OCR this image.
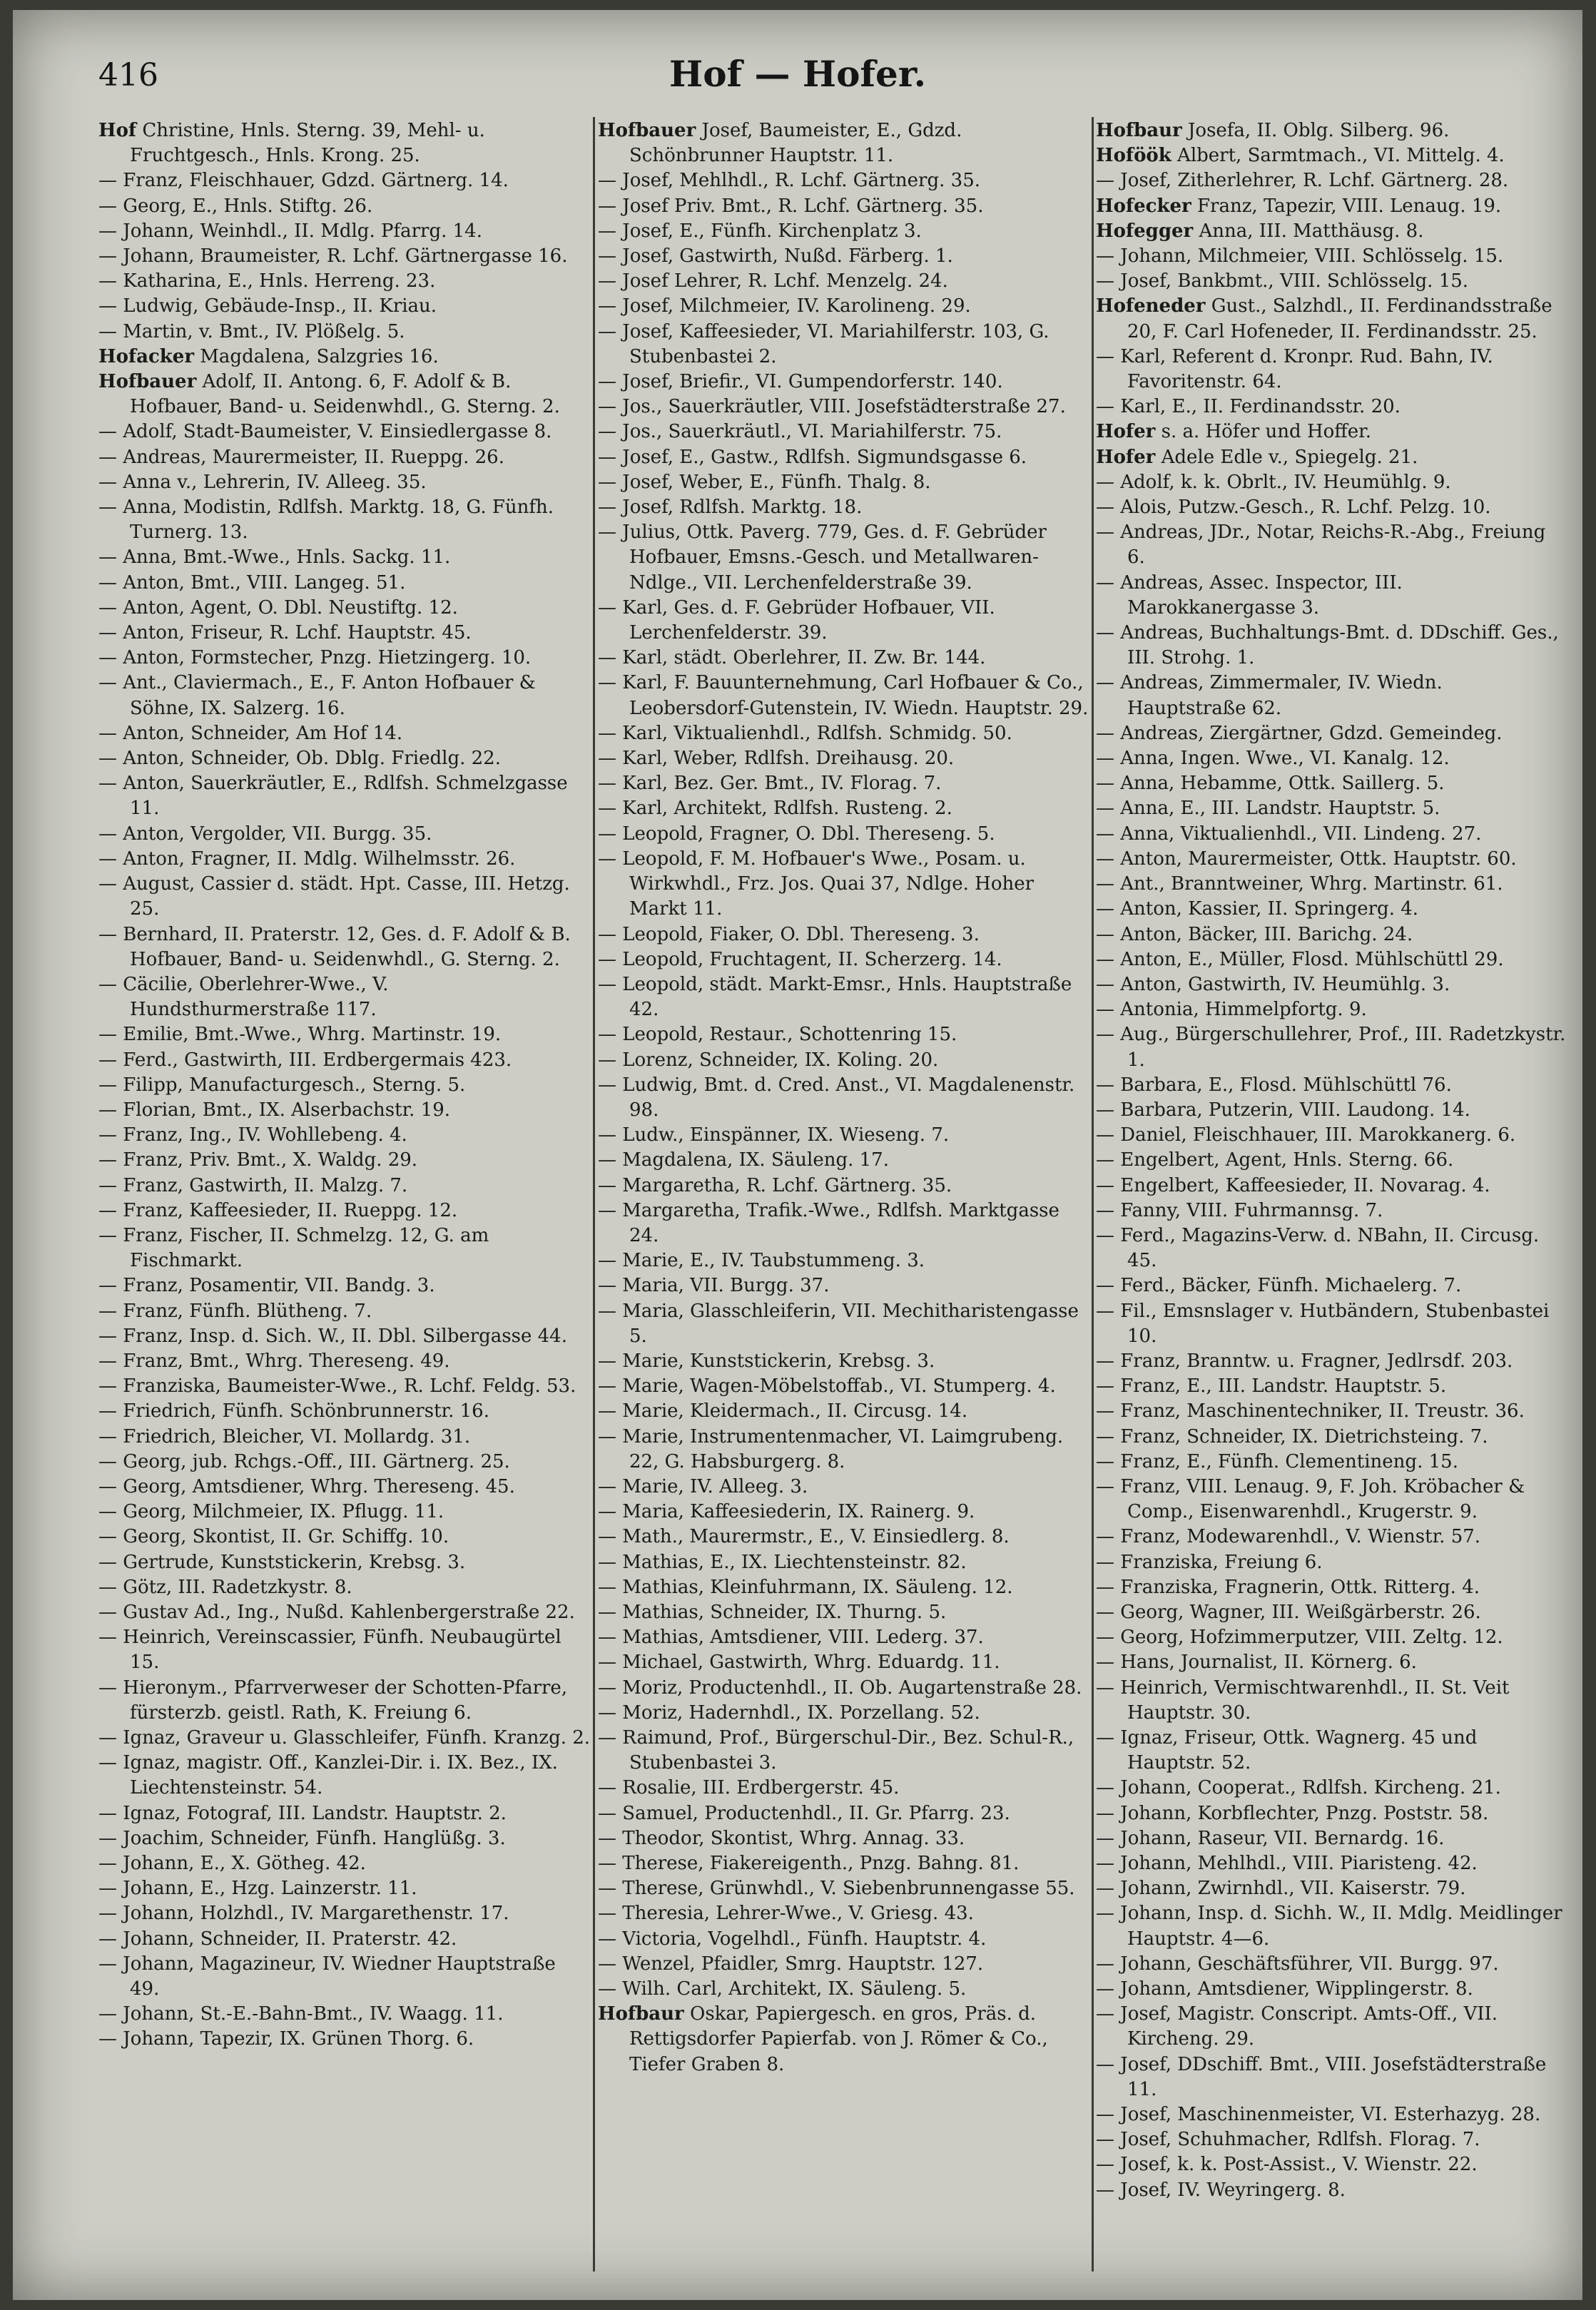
Hof — Hofer.
416

Hof Christine, Hnls. Sterng. 39, Mehl- u. Fruchtgesch., Hnls. Krong. 25.

— Franz, Fleischhauer, Gdzd. Gärtnerg. 14.

— Georg, E., Hnls. Stiftg. 26.

— Johann, Weinhdl., II. Mdlg. Pfarrg. 14.

— Johann, Braumeister, R. Lchf. Gärtnergasse 16.

— Katharina, E., Hnls. Herreng. 23.

— Ludwig, Gebäude-Insp., II. Kriau.

— Martin, v. Bmt., IV. Plößelg. 5.

Hofacker Magdalena, Salzgries 16.

Hofbauer Adolf, II. Antong. 6, F. Adolf & B. Hofbauer, Band- u. Seidenwhdl., G. Sterng. 2.

— Adolf, Stadt-Baumeister, V. Einsiedlergasse 8.

— Andreas, Maurermeister, II. Rueppg. 26.

— Anna v., Lehrerin, IV. Alleeg. 35.

— Anna, Modistin, Rdlfsh. Marktg. 18, G. Fünfh. Turnerg. 13.

— Anna, Bmt.-Wwe., Hnls. Sackg. 11.

— Anton, Bmt., VIII. Langeg. 51.

— Anton, Agent, O. Dbl. Neustiftg. 12.

— Anton, Friseur, R. Lchf. Hauptstr. 45.

— Anton, Formstecher, Pnzg. Hietzingerg. 10.

— Ant., Claviermach., E., F. Anton Hofbauer & Söhne, IX. Salzerg. 16.

— Anton, Schneider, Am Hof 14.

— Anton, Schneider, Ob. Dblg. Friedlg. 22.

— Anton, Sauerkräutler, E., Rdlfsh. Schmelzgasse 11.

— Anton, Vergolder, VII. Burgg. 35.

— Anton, Fragner, II. Mdlg. Wilhelmsstr. 26.

— August, Cassier d. städt. Hpt. Casse, III. Hetzg. 25.

— Bernhard, II. Praterstr. 12, Ges. d. F. Adolf & B. Hofbauer, Band- u. Seidenwhdl., G. Sterng. 2.

— Cäcilie, Oberlehrer-Wwe., V. Hundsthurmerstraße 117.

— Emilie, Bmt.-Wwe., Whrg. Martinstr. 19.

— Ferd., Gastwirth, III. Erdbergermais 423.

— Filipp, Manufacturgesch., Sterng. 5.

— Florian, Bmt., IX. Alserbachstr. 19.

— Franz, Ing., IV. Wohllebeng. 4.

— Franz, Priv. Bmt., X. Waldg. 29.

— Franz, Gastwirth, II. Malzg. 7.

— Franz, Kaffeesieder, II. Rueppg. 12.

— Franz, Fischer, II. Schmelzg. 12, G. am Fischmarkt.

— Franz, Posamentir, VII. Bandg. 3.

— Franz, Fünfh. Blütheng. 7.

— Franz, Insp. d. Sich. W., II. Dbl. Silbergasse 44.

— Franz, Bmt., Whrg. Thereseng. 49.

— Franziska, Baumeister-Wwe., R. Lchf. Feldg. 53.

— Friedrich, Fünfh. Schönbrunnerstr. 16.

— Friedrich, Bleicher, VI. Mollardg. 31.

— Georg, jub. Rchgs.-Off., III. Gärtnerg. 25.

— Georg, Amtsdiener, Whrg. Thereseng. 45.

— Georg, Milchmeier, IX. Pflugg. 11.

— Georg, Skontist, II. Gr. Schiffg. 10.

— Gertrude, Kunststickerin, Krebsg. 3.

— Götz, III. Radetzkystr. 8.

— Gustav Ad., Ing., Nußd. Kahlenbergerstraße 22.

— Heinrich, Vereinscassier, Fünfh. Neubaugürtel 15.

— Hieronym., Pfarrverweser der Schotten-Pfarre, fürsterzb. geistl. Rath, K. Freiung 6.

— Ignaz, Graveur u. Glasschleifer, Fünfh. Kranzg. 2.

— Ignaz, magistr. Off., Kanzlei-Dir. i. IX. Bez., IX. Liechtensteinstr. 54.

— Ignaz, Fotograf, III. Landstr. Hauptstr. 2.

— Joachim, Schneider, Fünfh. Hanglüßg. 3.

— Johann, E., X. Götheg. 42.

— Johann, E., Hzg. Lainzerstr. 11.

— Johann, Holzhdl., IV. Margarethenstr. 17.

— Johann, Schneider, II. Praterstr. 42.

— Johann, Magazineur, IV. Wiedner Hauptstraße 49.

— Johann, St.-E.-Bahn-Bmt., IV. Waagg. 11.

— Johann, Tapezir, IX. Grünen Thorg. 6.

Hofbauer Josef, Baumeister, E., Gdzd. Schönbrunner Hauptstr. 11.

— Josef, Mehlhdl., R. Lchf. Gärtnerg. 35.

— Josef Priv. Bmt., R. Lchf. Gärtnerg. 35.

— Josef, E., Fünfh. Kirchenplatz 3.

— Josef, Gastwirth, Nußd. Färberg. 1.

— Josef Lehrer, R. Lchf. Menzelg. 24.

— Josef, Milchmeier, IV. Karolineng. 29.

— Josef, Kaffeesieder, VI. Mariahilferstr. 103, G. Stubenbastei 2.

— Josef, Briefir., VI. Gumpendorferstr. 140.

— Jos., Sauerkräutler, VIII. Josefstädterstraße 27.

— Jos., Sauerkräutl., VI. Mariahilferstr. 75.

— Josef, E., Gastw., Rdlfsh. Sigmundsgasse 6.

— Josef, Weber, E., Fünfh. Thalg. 8.

— Josef, Rdlfsh. Marktg. 18.

— Julius, Ottk. Paverg. 779, Ges. d. F. Gebrüder Hofbauer, Emsns.-Gesch. und Metallwaren-Ndlge., VII. Lerchenfelderstraße 39.

— Karl, Ges. d. F. Gebrüder Hofbauer, VII. Lerchenfelderstr. 39.

— Karl, städt. Oberlehrer, II. Zw. Br. 144.

— Karl, F. Bauunternehmung, Carl Hofbauer & Co., Leobersdorf-Gutenstein, IV. Wiedn. Hauptstr. 29.

— Karl, Viktualienhdl., Rdlfsh. Schmidg. 50.

— Karl, Weber, Rdlfsh. Dreihausg. 20.

— Karl, Bez. Ger. Bmt., IV. Florag. 7.

— Karl, Architekt, Rdlfsh. Rusteng. 2.

— Leopold, Fragner, O. Dbl. Thereseng. 5.

— Leopold, F. M. Hofbauer's Wwe., Posam. u. Wirkwhdl., Frz. Jos. Quai 37, Ndlge. Hoher Markt 11.

— Leopold, Fiaker, O. Dbl. Thereseng. 3.

— Leopold, Fruchtagent, II. Scherzerg. 14.

— Leopold, städt. Markt-Emsr., Hnls. Hauptstraße 42.

— Leopold, Restaur., Schottenring 15.

— Lorenz, Schneider, IX. Koling. 20.

— Ludwig, Bmt. d. Cred. Anst., VI. Magdalenenstr. 98.

— Ludw., Einspänner, IX. Wieseng. 7.

— Magdalena, IX. Säuleng. 17.

— Margaretha, R. Lchf. Gärtnerg. 35.

— Margaretha, Trafik.-Wwe., Rdlfsh. Marktgasse 24.

— Marie, E., IV. Taubstummeng. 3.

— Maria, VII. Burgg. 37.

— Maria, Glasschleiferin, VII. Mechitharistengasse 5.

— Marie, Kunststickerin, Krebsg. 3.

— Marie, Wagen-Möbelstoffab., VI. Stumperg. 4.

— Marie, Kleidermach., II. Circusg. 14.

— Marie, Instrumentenmacher, VI. Laimgrubeng. 22, G. Habsburgerg. 8.

— Marie, IV. Alleeg. 3.

— Maria, Kaffeesiederin, IX. Rainerg. 9.

— Math., Maurermstr., E., V. Einsiedlerg. 8.

— Mathias, E., IX. Liechtensteinstr. 82.

— Mathias, Kleinfuhrmann, IX. Säuleng. 12.

— Mathias, Schneider, IX. Thurng. 5.

— Mathias, Amtsdiener, VIII. Lederg. 37.

— Michael, Gastwirth, Whrg. Eduardg. 11.

— Moriz, Productenhdl., II. Ob. Augartenstraße 28.

— Moriz, Hadernhdl., IX. Porzellang. 52.

— Raimund, Prof., Bürgerschul-Dir., Bez. Schul-R., Stubenbastei 3.

— Rosalie, III. Erdbergerstr. 45.

— Samuel, Productenhdl., II. Gr. Pfarrg. 23.

— Theodor, Skontist, Whrg. Annag. 33.

— Therese, Fiakereigenth., Pnzg. Bahng. 81.

— Therese, Grünwhdl., V. Siebenbrunnengasse 55.

— Theresia, Lehrer-Wwe., V. Griesg. 43.

— Victoria, Vogelhdl., Fünfh. Hauptstr. 4.

— Wenzel, Pfaidler, Smrg. Hauptstr. 127.

— Wilh. Carl, Architekt, IX. Säuleng. 5.

Hofbaur Oskar, Papiergesch. en gros, Präs. d. Rettigsdorfer Papierfab. von J. Römer & Co., Tiefer Graben 8.

Hofbaur Josefa, II. Oblg. Silberg. 96.

Hoföök Albert, Sarmtmach., VI. Mittelg. 4.

— Josef, Zitherlehrer, R. Lchf. Gärtnerg. 28.

Hofecker Franz, Tapezir, VIII. Lenaug. 19.

Hofegger Anna, III. Matthäusg. 8.

— Johann, Milchmeier, VIII. Schlösselg. 15.

— Josef, Bankbmt., VIII. Schlösselg. 15.

Hofeneder Gust., Salzhdl., II. Ferdinandsstraße 20, F. Carl Hofeneder, II. Ferdinandsstr. 25.

— Karl, Referent d. Kronpr. Rud. Bahn, IV. Favoritenstr. 64.

— Karl, E., II. Ferdinandsstr. 20.

Hofer s. a. Höfer und Hoffer.

Hofer Adele Edle v., Spiegelg. 21.

— Adolf, k. k. Obrlt., IV. Heumühlg. 9.

— Alois, Putzw.-Gesch., R. Lchf. Pelzg. 10.

— Andreas, JDr., Notar, Reichs-R.-Abg., Freiung 6.

— Andreas, Assec. Inspector, III. Marokkanergasse 3.

— Andreas, Buchhaltungs-Bmt. d. DDschiff. Ges., III. Strohg. 1.

— Andreas, Zimmermaler, IV. Wiedn. Hauptstraße 62.

— Andreas, Ziergärtner, Gdzd. Gemeindeg.

— Anna, Ingen. Wwe., VI. Kanalg. 12.

— Anna, Hebamme, Ottk. Saillerg. 5.

— Anna, E., III. Landstr. Hauptstr. 5.

— Anna, Viktualienhdl., VII. Lindeng. 27.

— Anton, Maurermeister, Ottk. Hauptstr. 60.

— Ant., Branntweiner, Whrg. Martinstr. 61.

— Anton, Kassier, II. Springerg. 4.

— Anton, Bäcker, III. Barichg. 24.

— Anton, E., Müller, Flosd. Mühlschüttl 29.

— Anton, Gastwirth, IV. Heumühlg. 3.

— Antonia, Himmelpfortg. 9.

— Aug., Bürgerschullehrer, Prof., III. Radetzkystr. 1.

— Barbara, E., Flosd. Mühlschüttl 76.

— Barbara, Putzerin, VIII. Laudong. 14.

— Daniel, Fleischhauer, III. Marokkanerg. 6.

— Engelbert, Agent, Hnls. Sterng. 66.

— Engelbert, Kaffeesieder, II. Novarag. 4.

— Fanny, VIII. Fuhrmannsg. 7.

— Ferd., Magazins-Verw. d. NBahn, II. Circusg. 45.

— Ferd., Bäcker, Fünfh. Michaelerg. 7.

— Fil., Emsnslager v. Hutbändern, Stubenbastei 10.

— Franz, Branntw. u. Fragner, Jedlrsdf. 203.

— Franz, E., III. Landstr. Hauptstr. 5.

— Franz, Maschinentechniker, II. Treustr. 36.

— Franz, Schneider, IX. Dietrichsteing. 7.

— Franz, E., Fünfh. Clementineng. 15.

— Franz, VIII. Lenaug. 9, F. Joh. Kröbacher & Comp., Eisenwarenhdl., Krugerstr. 9.

— Franz, Modewarenhdl., V. Wienstr. 57.

— Franziska, Freiung 6.

— Franziska, Fragnerin, Ottk. Ritterg. 4.

— Georg, Wagner, III. Weißgärberstr. 26.

— Georg, Hofzimmerputzer, VIII. Zeltg. 12.

— Hans, Journalist, II. Körnerg. 6.

— Heinrich, Vermischtwarenhdl., II. St. Veit Hauptstr. 30.

— Ignaz, Friseur, Ottk. Wagnerg. 45 und Hauptstr. 52.

— Johann, Cooperat., Rdlfsh. Kircheng. 21.

— Johann, Korbflechter, Pnzg. Poststr. 58.

— Johann, Raseur, VII. Bernardg. 16.

— Johann, Mehlhdl., VIII. Piaristeng. 42.

— Johann, Zwirnhdl., VII. Kaiserstr. 79.

— Johann, Insp. d. Sichh. W., II. Mdlg. Meidlinger Hauptstr. 4—6.

— Johann, Geschäftsführer, VII. Burgg. 97.

— Johann, Amtsdiener, Wipplingerstr. 8.

— Josef, Magistr. Conscript. Amts-Off., VII. Kircheng. 29.

— Josef, DDschiff. Bmt., VIII. Josefstädterstraße 11.

— Josef, Maschinenmeister, VI. Esterhazyg. 28.

— Josef, Schuhmacher, Rdlfsh. Florag. 7.

— Josef, k. k. Post-Assist., V. Wienstr. 22.

— Josef, IV. Weyringerg. 8.
